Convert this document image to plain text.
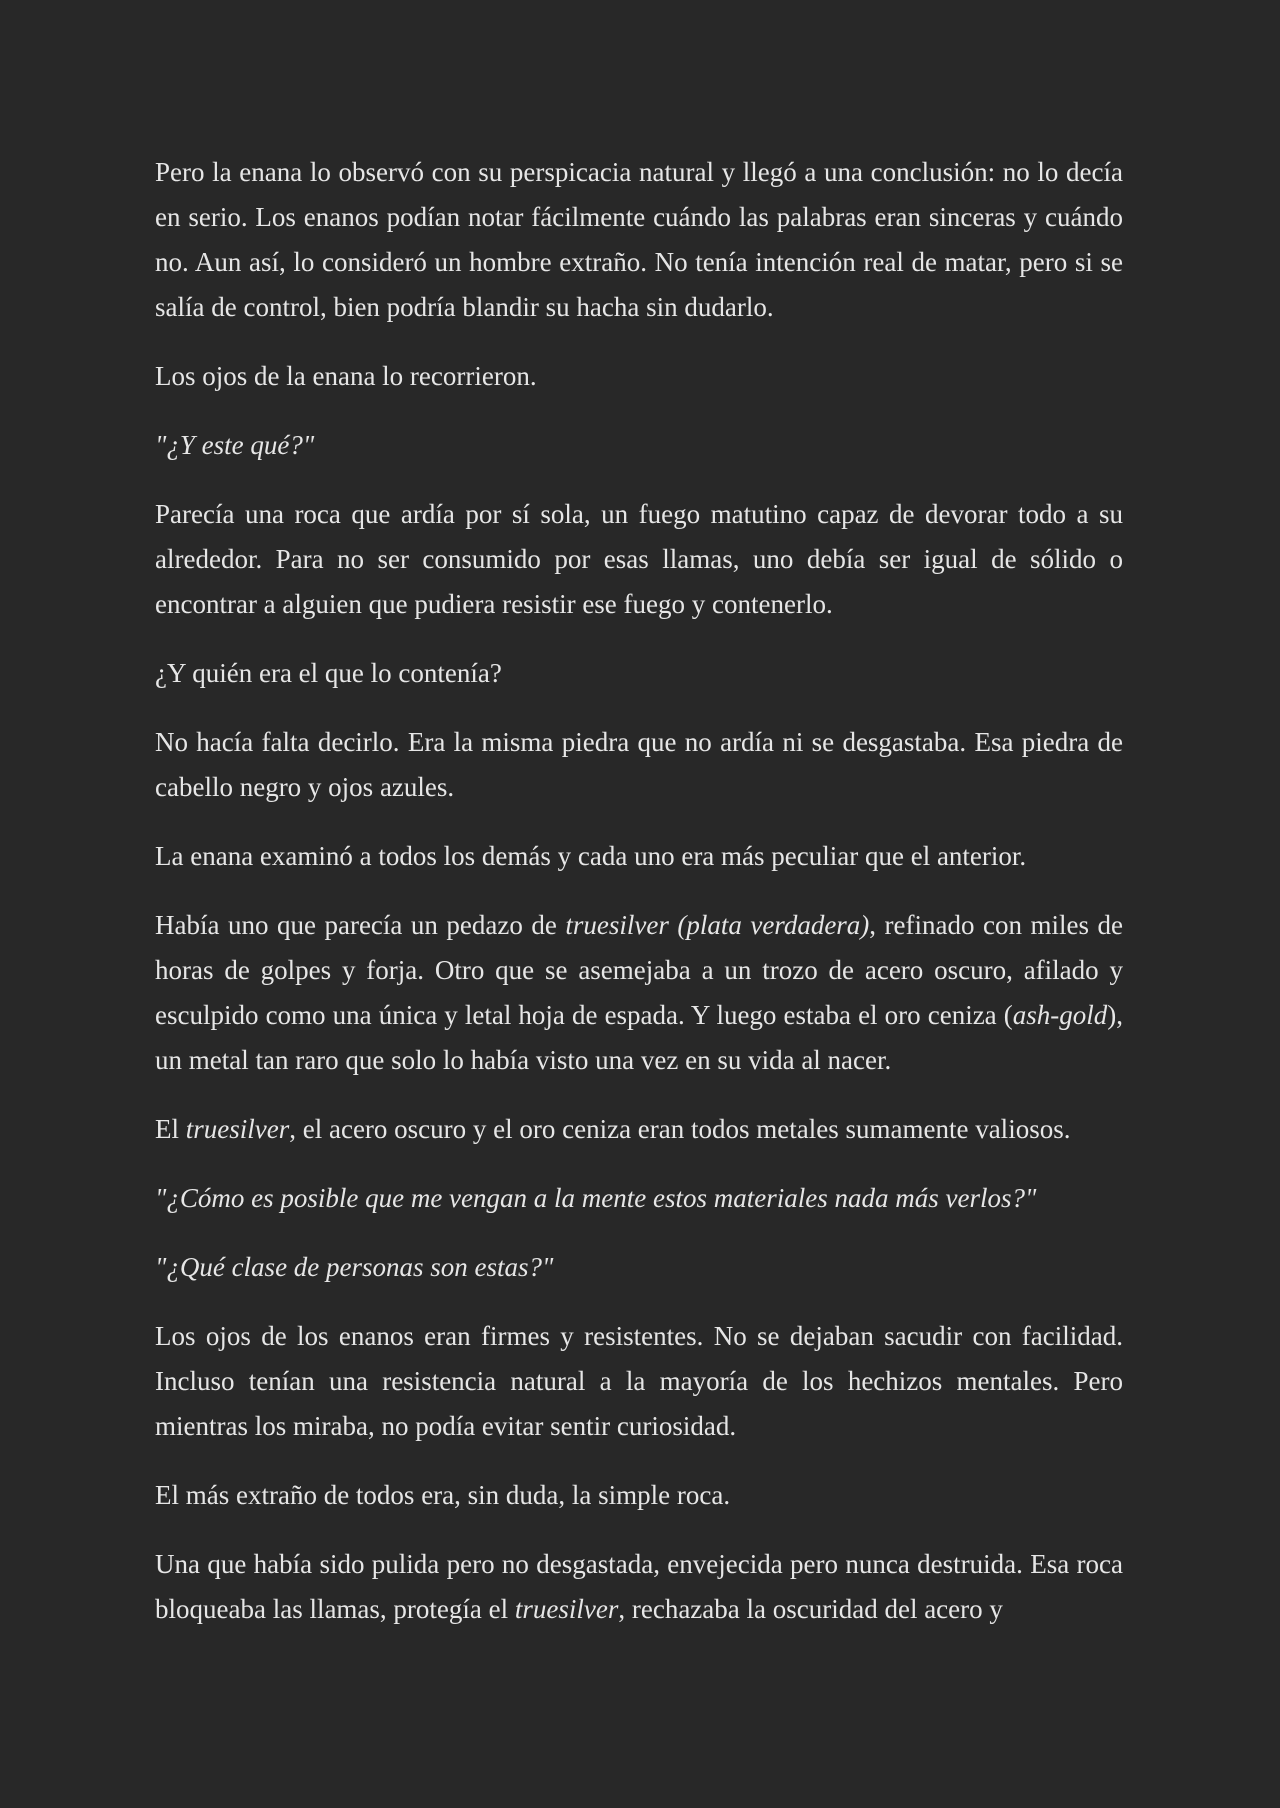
Pero la enana lo observó con su perspicacia natural y llegó a una conclusión: no lo decía en serio. Los enanos podían notar fácilmente cuándo las palabras eran sinceras y cuándo no. Aun así, lo consideró un hombre extraño. No tenía intención real de matar, pero si se salía de control, bien podría blandir su hacha sin dudarlo.

Los ojos de la enana lo recorrieron.

"¿Y este qué?"

Parecía una roca que ardía por sí sola, un fuego matutino capaz de devorar todo a su alrededor. Para no ser consumido por esas llamas, uno debía ser igual de sólido o encontrar a alguien que pudiera resistir ese fuego y contenerlo.

¿Y quién era el que lo contenía?

No hacía falta decirlo. Era la misma piedra que no ardía ni se desgastaba. Esa piedra de cabello negro y ojos azules.

La enana examinó a todos los demás y cada uno era más peculiar que el anterior.

Había uno que parecía un pedazo de truesilver (plata verdadera), refinado con miles de horas de golpes y forja. Otro que se asemejaba a un trozo de acero oscuro, afilado y esculpido como una única y letal hoja de espada. Y luego estaba el oro ceniza (ash-gold), un metal tan raro que solo lo había visto una vez en su vida al nacer.

El truesilver, el acero oscuro y el oro ceniza eran todos metales sumamente valiosos.

"¿Cómo es posible que me vengan a la mente estos materiales nada más verlos?"

"¿Qué clase de personas son estas?"

Los ojos de los enanos eran firmes y resistentes. No se dejaban sacudir con facilidad. Incluso tenían una resistencia natural a la mayoría de los hechizos mentales. Pero mientras los miraba, no podía evitar sentir curiosidad.

El más extraño de todos era, sin duda, la simple roca.

Una que había sido pulida pero no desgastada, envejecida pero nunca destruida. Esa roca bloqueaba las llamas, protegía el truesilver, rechazaba la oscuridad del acero y
